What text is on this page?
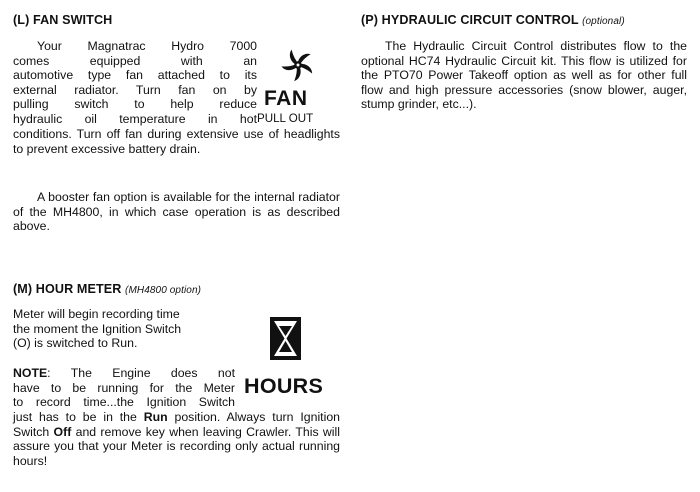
(L) FAN SWITCH

Your Magnatrac Hydro 7000

comes equipped with an

automotive type fan attached to its

external radiator. Turn fan on by

pulling switch to help reduce

hydraulic oil temperature in hot

FAN
PULL OUT

conditions. Turn off fan during extensive use of headlights to prevent excessive battery drain.

A booster fan option is available for the internal radiator of the MH4800, in which case operation is as described above.

(M) HOUR METER (MH4800 option)

Meter will begin recording time

the moment the Ignition Switch

(O) is switched to Run.

HOURS

NOTE: The Engine does not

have to be running for the Meter

to record time...the Ignition Switch

just has to be in the Run position. Always turn Ignition Switch Off and remove key when leaving Crawler. This will assure you that your Meter is recording only actual running hours!

(P) HYDRAULIC CIRCUIT CONTROL (optional)

The Hydraulic Circuit Control distributes flow to the optional HC74 Hydraulic Circuit kit. This flow is utilized for the PTO70 Power Takeoff option as well as for other full flow and high pressure accessories (snow blower, auger, stump grinder, etc...).
